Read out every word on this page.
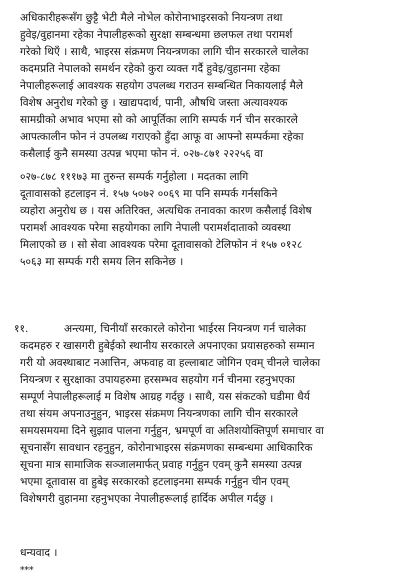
अधिकारीहरूसँग छुट्टै भेटी मैले नोभेल कोरोनाभाइरसको नियन्त्रण तथा
हुवेइ/वुहानमा रहेका नेपालीहरूको सुरक्षा सम्बन्धमा छलफल तथा परामर्श
गरेको थिएँ । साथै, भाइरस संक्रमण नियन्त्रणका लागि चीन सरकारले चालेका
कदमप्रति नेपालको समर्थन रहेको कुरा व्यक्त गर्दै हुवेइ/वुहानमा रहेका
नेपालीहरूलाई आवश्यक सहयोग उपलब्ध गराउन सम्बन्धित निकायलाई मैले
विशेष अनुरोध गरेको छु । खाद्यपदार्थ, पानी, औषधि जस्ता अत्यावश्यक
सामग्रीको अभाव भएमा सो को आपूर्तिका लागि सम्पर्क गर्न चीन सरकारले
आपत्कालीन फोन नं उपलब्ध गराएको हुँदा आफू वा आफ्नो सम्पर्कमा रहेका
कसैलाई कुनै समस्या उत्पन्न भएमा फोन नं. ०२७-८७१ २२२५६ वा
०२७-८७८ १११७३ मा तुरुन्त सम्पर्क गर्नुहोला । मदतका लागि
दूतावासको हटलाइन नं. १५७ ५०७२ ००६९ मा पनि सम्पर्क गर्नसकिने
व्यहोरा अनुरोध छ । यस अतिरिक्त, अत्यधिक तनावका कारण कसैलाई विशेष
परामर्श आवश्यक परेमा सहयोगका लागि नेपाली परामर्शदाताको व्यवस्था
मिलाएको छ । सो सेवा आवश्यक परेमा दूतावासको टेलिफोन नं १५७ ०१२८
५०६३ मा सम्पर्क गरी समय लिन सकिनेछ ।
११.	अन्त्यमा, चिनीयाँ सरकारले कोरोना भाईरस नियन्त्रण गर्न चालेका
कदमहरु र खासगरी हुबेईको स्थानीय सरकारले अपनाएका प्रयासहरुको सम्मान
गरी यो अवस्थाबाट नआत्तिन, अफवाह वा हल्लाबाट जोगिन एवम् चीनले चालेका
नियन्त्रण र सुरक्षाका उपायहरुमा हरसम्भव सहयोग गर्न चीनमा रहनुभएका
सम्पूर्ण नेपालीहरूलाई म विशेष आग्रह गर्दछु । साथै, यस संकटको घडीमा धैर्य
तथा संयम अपनाउनुहुन, भाइरस संक्रमण नियन्त्रणका लागि चीन सरकारले
समयसमयमा दिने सुझाव पालना गर्नुहुन, भ्रमपूर्ण वा अतिशयोक्तिपूर्ण समाचार वा
सूचनासँग सावधान रहनुहुन, कोरोनाभाइरस संक्रमणका सम्बन्धमा आधिकारिक
सूचना मात्र सामाजिक सञ्जालमार्फत् प्रवाह गर्नुहुन एवम् कुनै समस्या उत्पन्न
भएमा दूतावास वा हुबेइ सरकारको हटलाइनमा सम्पर्क गर्नुहुन चीन एवम्
विशेषगरी वुहानमा रहनुभएका नेपालीहरूलाई हार्दिक अपील गर्दछु ।
धन्यवाद ।
***
